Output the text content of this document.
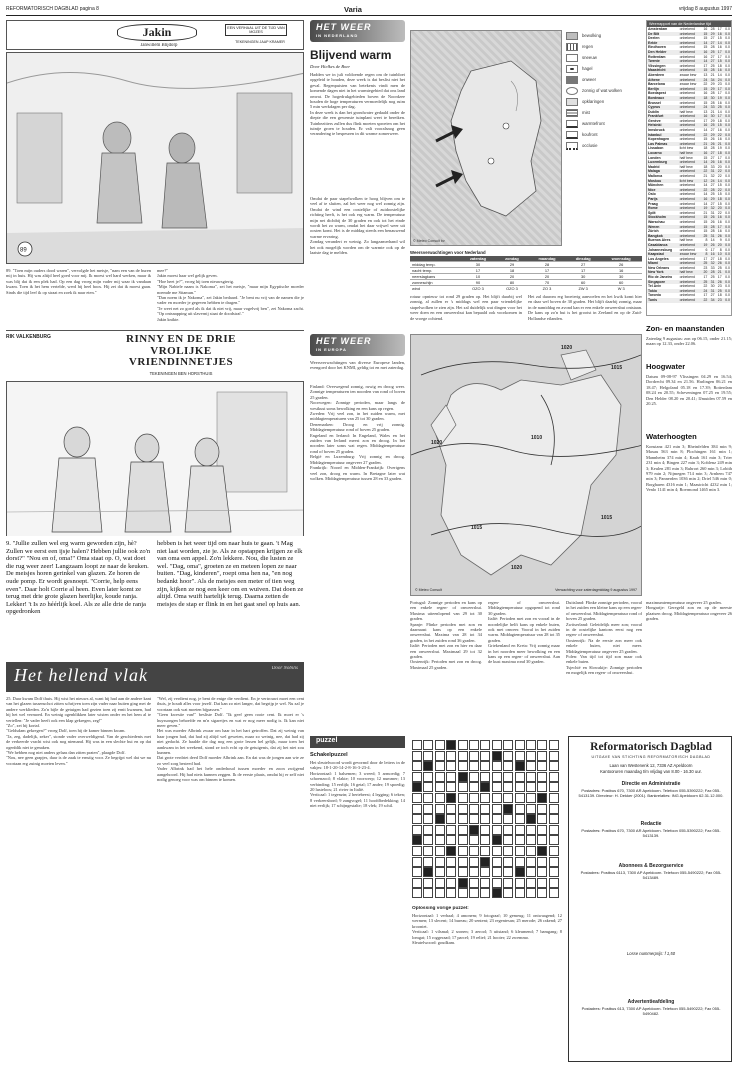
REFORMATORISCH DAGBLAD pagina 8	Varia	vrijdag 8 augustus 1997
Jakin
Janwillem Blijdorp
EEN VERHAAL UIT DE TIJD VAN MOZES
TEKENINGEN JAAP KRAMER
89
89. "Toen mijn ouders dood waren", vervolgde het meisje, "nam een van de buren mij in huis. Hij was altijd heel goed voor mij. Ik moest wel hard werken, maar ik was blij dat ik een plek had. Op een dag vroeg mijn vader mij waar ik vandaan kwam. Toen ik het hem vertelde, werd hij heel boos. Hij zei dat ik moest gaan. Sinds die tijd leef ik op straat en zoek ik naar eten."
mee?"
Jakin moest haar wel gelijk geven.
"Hoe heet je?", vroeg hij toen nieuwsgierig.
"Mijn Nabiele naam is Nakoma", zei het meisje, "maar mijn Egyptische moeder noemde me Sitamun."
"Dan noem ik je Nakoma", zei Jakin bedaard. "Je bent nu vrij van de namen die je vader en moeder je gegeven hebben te dragen."
"Je weet net zo goed als ik dat ik niet vrij, maar vogelvrij ben", zei Nakoma zacht. "Op ontsnapping uit slavernij staat de doodstraf."
Jakin knikte.
RIK VALKENBURG	RINNY EN DE DRIE
VROLIJKE
VRIENDINNETJES
TEKENINGEN BEN HORSTHUIS
9. "Jullie zullen wel erg warm geworden zijn, hè? Zullen we eerst een ijsje halen? Hebben jullie ook zo'n dorst?" "Nou en of, oma!" Oma staat op. O, wat doet die rug weer zeer! Langzaam loopt ze naar de keuken. De meisjes horen gerinkel van glazen. Ze horen de oude pomp. Er wordt gesnoept. "Corrie, help eens even". Daar holt Corrie al heen. Even later komt ze terug met drie grote glazen heerlijke, koude ranja. Lekker! 't Is zo héérlijk koel. Als ze alle drie de ranja opgedronken
hebben is het weer tijd om naar huis te gaan. 't Mag niet laat worden, zie je. Als ze opstappen krijgen ze elk van oma een appel. Zo'n lekkere. Nou, die lusten ze wel. "Dag, oma", groeten ze en meteen lopen ze naar buiten. "Dag, kinderen", roept oma hen na, "en nog bedankt hoor". Als de meisjes een meter of tien weg zijn, kijken ze nog een keer om en wuiven. Dat doen ze altijd. Oma wuift hartelijk terug. Daarna zetten de meisjes de stap er flink in en het gaat snel op huis aan.
Het hellend vlak	Door Nobilis
25. Daar kwam Dolf thuis. Hij wist het nieuws al, want hij had aan de andere kant van het glazen tussenschot zitten schrijven toen zijn vader naar buiten ging met de andere werklieden. Zo'n bijle de getuigen had gezien toen zij ernit kwamen, had hij het wel vermoed. En weinig ogenblikken later wisten onder en het hem al te vertellen: "Je vader heeft ook een klap gekregen, zeg!"
"Zo", zei hij kortaf.
"Geldsdam gekregen?" vroeg Dolf, toen hij de kamer binnen kwam.
"Ja, zeg, dadelijk, zeker", stonde vader overweldigend. Van de geschiedenis met de verkeerde vracht wist ook nog niemand. Hij was in een slechte bui en op dat ogenblik niet te genaken.
"We hebben nog niet anders gelaas dan zitten praten", plaagde Dolf.
"Nou, nee geen grapjes, daar is de zaak te ernstig voor. Ze begrijpt wel dat we nu voortaan erg zuinig moeten leven."
"Wel, zij verdient nog, je bent de enige die verdient. En je vertrouwt moet een cent thuis, je houdt alles voor jezelf. Dat kan zo niet langer, dat begrijp je wel. Nu zal je voortaan ook wat moeten bijpassen."
"Geen kwestie van!" besliste Dolf. "Ik geef geen rooie cent. Ik moet er 's huyssongen behoefde en m'n sigaretjes en wat er nog meer nodig is. Ik kan niet meer geven."
Het was moeder Albrink zwaar om haar in het hart getroffen. Dat zij weinig van haar jongen had, dat had zij altijd wel geweten, maar zo weinig, nee, dat had zij niet gedacht. Ze haalde die dag nog een grote lessen hel gelijk, maar toen het aankwam in het weekend, stond ze toch echt op de getuigenis, dat zij het niet zou kunnen.
Dat grote verdriet deed Dolf moeder Albrink aan. En dat was de jongen aan wie ze zo veel zorg besteed had.
Vader Albrink had het hele onderhoud tussen moeder en zoon zwijgend aangehoord. Hij had niets kunnen zeggen. Ik de eerste plaats, omdat hij er zelf niet nodig genoeg voor was om binnen te komen.
HET WEER
IN NEDERLAND
Blijvend warm
Door Hielkes de Boer
Hadden we in juli voldoende regen om de tuinbloei opgeleid te houden, deze week is dat beslist niet het geval. Regenpuisten van betekenis vindt men de komende dagen niet in het warmtegebied dat ons land omvat. De hogedrukgebieden boven de Noordzee houden de hoge temperaturen vermoedelijk nog ruim 5 min werkdagen per dag.
In deze week is dan het grondwater gedaald onder de diepte die een gewenste tuinplant weet te bereiken. Tuinbezitters zullen dus flink moeten sproeien om het tuintje groen te houden. Er valt vooralsnog geen verandering te bespeuren in dit warme zomerweer.
© Meteo Consult bv
bewolking
regen
sneeuw
hagel
onweer
zonnig of wat wolken
opklaringen
mist
warmtefront
koufront
occlusie
Weersverwachtingen voor Nederland
	zaterdag	zondag	maandag	dinsdag	woensdag
middag temp.	30	29	28	27	26
nacht temp.	17	18	17	17	16
neerslagkans	10	20	20	30	30
zonneschijn	90	80	70	60	60
wind	OZO 3	OZO 3	ZO 3	ZW 3	W 3
Omdat de paar stapelwolken te hoog blijven om te veel af te sluiten, zal het weer nog wel zonnig zijn. Omdat de wind een oostelijke of zuidoostelijke richting heeft, is het ook erg warm. De temperatuur mijn net dichtbij de 30 graden en ook tot het einde wordt het zo warm, omdat het daar vrijwel weer uit oosten komt. Het is de middag steeds een benauwend warme ervaring.
Zondag verandert er weinig. Zo langzamerhand wil het ook mogelijk worden om de warmte ook op de laatste dag te melden.
rotuur opnieuw tot rond 29 graden op. Het blijft daarbij wel zonnig, al zullen er 's middags wel een paar vriendelijke stapelwolken te zien zijn. Het zal duidelijk wat dingen voor het weer doen en een onweersbui kan bepaald ook voorkomen in de vroege ochtend.
Het zal daarom erg broeierig aanvoelen en het kwik komt hier en daar wel boven de 30 graden. Het blijft daarbij zonnig, maar in de namiddag en avond kan er een enkele onweersbui ontstaan. De kans op zo'n bui is het grootst in Zeeland en op de Zuid-Hollandse eilanden.
Weerrapport van de Nederlandse tijd
Amsterdam	onbekend	16	28	17	0.0
De Bilt	onbekend	15	29	16	0.0
Deelen	onbekend	15	27	15	0.0
Eelde	onbekend	14	27	14	0.0
Eindhoven	onbekend	15	28	16	0.0
Den Helder	onbekend	16	25	17	0.0
Rotterdam	onbekend	16	27	17	0.0
Twente	onbekend	14	27	15	0.0
Vlissingen	onbekend	17	25	18	0.0
Maastricht	onbekend	15	28	16	0.0
Aberdeen	zwaar bew	13	21	14	0.0
Athene	onbekend	24	34	24	0.0
Barcelona	zwaar bew	22	29	23	0.0
Berlijn	onbekend	15	29	17	0.0
Boedapest	onbekend	16	28	17	0.0
Bordeaux	onbekend	18	30	19	0.0
Brussel	onbekend	15	28	16	0.0
Cyprus	onbekend	24	33	25	0.0
Dublin	half bew	13	21	14	0.0
Frankfurt	onbekend	16	30	17	0.0
Genève	onbekend	17	29	18	0.0
Helsinki	onbekend	16	25	15	0.0
Innsbruck	onbekend	14	27	16	0.0
Istanbul	onbekend	22	29	22	0.0
Kopenhagen	onbekend	15	26	16	0.0
Las Palmas	onbekend	21	26	21	0.0
Lissabon	licht bew	18	28	19	0.0
Locarno	half bew	16	27	18	0.0
Londen	half bew	15	27	17	0.0
Luxemburg	onbekend	14	26	16	0.0
Madrid	half bew	18	33	20	0.0
Malaga	onbekend	22	31	22	0.0
Mallorca	onbekend	21	32	22	0.0
Moskou	licht bew	12	24	14	0.0
München	onbekend	14	27	15	0.0
Nice	onbekend	22	28	22	0.0
Oslo	onbekend	14	25	15	0.0
Parijs	onbekend	16	29	18	0.0
Praag	onbekend	14	27	15	0.0
Rome	onbekend	19	32	20	0.0
Split	onbekend	21	31	22	0.0
Stockholm	onbekend	15	26	16	0.0
Warschau	onbekend	15	26	16	0.0
Wenen	onbekend	15	28	17	0.0
Zürich	onbekend	15	28	16	0.0
Bangkok	onbekend	25	31	26	0.0
Buenos Aires	half bew	8	14	9	0.0
Casablanca	onbekend	19	26	20	0.0
Johannesburg	onbekend	6	17	8	0.0
Kaapstad	zwaar bew	8	16	10	0.0
Los Angeles	onbekend	17	27	18	0.0
Miami	onbekend	25	32	26	0.0
New Orleans	onbekend	23	33	25	0.0
New York	half bew	20	28	21	0.0
Rio de Janeiro	onbekend	17	25	17	0.0
Singapore	onbekend	25	31	26	0.0
Tel Aviv	onbekend	22	30	23	0.0
Tokio	onbekend	24	31	25	0.0
Toronto	onbekend	17	27	18	0.0
Tunis	onbekend	22	34	23	0.0
HET WEER
IN EUROPA
Weersverwachtingen van diverse Europese landen, evengoed door het KNMI, geldig tot en met zaterdag.
Finland: Overwegend zonnig, ruwig en droog weer. Zonnige temperaturen ten noorden van rond of boven 25 graden.
Noorwegen: Zonnige perioden, maar langs de westkust soms bewolking en een kans op regen.
Zweden: Vrij veel zon, in het zuiden warm, met middagtemperaturen van 25 tot 30 graden.
Denemarken: Droog en vrij zonnig. Middagtemperatuur rond of boven 25 graden.
Engeland en Ierland: In Engeland, Wales en het zuiden van Ierland meest zon en droog. In het noorden later soms wat regen. Middagtemperatuur rond of boven 25 graden.
België en Luxemburg: Vrij zonnig en droog. Middagtemperatuur ongeveer 27 graden.
Frankrijk: Noord en Midden-Frankrijk: Overigens veel zon, droog en warm. In Bretagne later wat wolken. Middagtemperatuur tussen 28 en 33 graden.
1020
1015
1020
1010
1015
1015
1020
© Meteo Consult	Verwachting voor zaterdagmiddag 9 augustus 1997
Portugal: Zonnige perioden en kans op een enkele regen- of onweersbui. Maxima uiteenlopend van 29 tot 30 graden.
Spanje: Flinke perioden met zon en daarnaast kans op een enkele onweersbui. Maxima van 28 tot 34 graden, in het zuiden rond 36 graden.
Italië: Perioden met zon en hier en daar een onweersbui. Maximaal 29 tot 32 graden.
Oostenrijk: Perioden met zon en droog. Maximaal 25 graden.
regen- of onweersbui. Middagtemperatuur opgopend tot rond 30 graden.
Italië: Perioden met zon en vooral in de noordelijke helft kans op enkele buien, ook met onweer. Vooral in het zuiden warm. Middagtemperatuur van 28 tot 35 graden.
Griekenland en Kreta: Vrij zonnig maar in het noorden meer bewolking en een kans op een regen- of onweersbui. Aan de kust maxima rond 30 graden.
Duitsland: Flinke zonnige perioden, vooral in het zuiden een kleine kans op een regen- of onweersbui. Middagtemperatuur rond of boven 25 graden.
Zwitserland: Geleidelijk meer zon; vooral in de oostelijke kantons eerst nog een regen- of onweersbui.
Oostenrijk: Na de eerste zon meer ook enkele buien, niet meer. Middagtemperatuur ongeveer 25 graden.
Polen: Van tijd tot tijd zon maar ook enkele buien.
Tsjechië en Slowakije: Zonnige perioden en mogelijk een regen- of onweersbui.
maximumtemperatuur ongeveer 25 graden.
Hongarije: Geregeld zon en op de meeste plaatsen droog. Middagtemperatuur ongeveer 26 graden.
Zon- en maanstanden
Zaterdag 9 augustus: zon op 06.15, onder 21.15; maan op 12.33, onder 22.06.
Hoogwater
Datum 09-08-97 Vlissingen 04.29 en 16.54; Dordrecht 09.34 en 21.56. Harlingen 06.21 en 18.47; Helgoland 05.18 en 17.39; Rotterdam 08.24 en 20.55; Scheveningen 07.25 en 19.55; Den Helder 08.20 en 20.41; IJmuiden 07.59 en 20.25.
Waterhoogten
Konstanz 421 min 3; Rheinfelden 384 min 9; Maxau 563 min 8; Plochingen 161 min 1; Mannheim 374 min 4; Kaub 161 min 3; Trier 231 min 4; Bingen 227 min 3; Koblenz 249 min 3; Keulen 281 min 3; Ruhrort 260 min 3; Lobith 979 min 2; Nijmegen 714 min 3; Arnhem 747 min 3; Pannerden 1036 min 2; Driel 546 min 0; Borgharen 4316 min 1; Maastricht 4232 min 1; Venlo 1141 min 4; Roermond 1465 min 3.
puzzel
Schakelpuzzel
Het sleutelwoord wordt gevormd door de letters in de vakjes: 18-1-20-14-2-8-16-3-23-4.
Horizontaal: 1 balsemen; 3 wreed; 5 armoedig; 7 schoenzool; 8 vlakte; 10 voorwerp; 12 nummer; 13 verbinding; 15 eerlijk; 16 getal; 17 ander; 19 spoedig; 20 lusteloos; 21 rivier in Italië.
Verticaal: 1 tegenzin; 2 hertebeest; 4 legging; 6 teken; 8 verkeersbord; 9 zangvogel; 11 hoofdbedekking; 14 niet eerlijk; 17 schijngestalte; 18 vlek; 19 schil.
Oplossing vorige puzzel:
Horizontaal: 1 verbaal; 4 amonem; 9 fotograaf; 10 gemeug; 11 ontwaagend; 12 wermen; 13 slecent; 14 bureau; 20 sentent; 23 regentesan; 25 merode; 26 rakend; 27 krooniet.
Verticaal: 1 vilsmal; 2 sronen; 3 aerool; 5 uitstand; 6 kleumend; 7 bamgang; 8 lomgat; 15 roggeraad; 17 parcel; 19 relief; 21 hooier; 22 zwemmo.
Sleutelwoord: goudkam.
Reformatorisch Dagblad
UITGAVE VAN STICHTING REFORMATORISCH DAGBLAD
Laan van Westenenk 12, 7336 AZ Apeldoorn
Kantooruren maandag t/m vrijdag van 8.00 - 16.30 uur.
Directie en Administratie
Postadres: Postbus 670, 7300 AR Apeldoorn. Telefoon 055-5390222; Fax 055-5413139. Directeur: H. Dekker (2001). Bankrelaties: ING Apeldoorn 62.31.12.000.
Redactie
Postadres: Postbus 670, 7300 AR Apeldoorn. Telefoon 055-5390222; Fax 055-5413139.
Abonnees & Bezorgservice
Postadres: Postbus 6113, 7300 AP Apeldoorn. Telefoon 055-5490222; Fax 055-5413489.
Losse nummerprijs: f 1,50
Advertentieafdeling
Postadres: Postbus 613, 7300 AP Apeldoorn. Telefoon 055-5490222; Fax 055-5490482.
